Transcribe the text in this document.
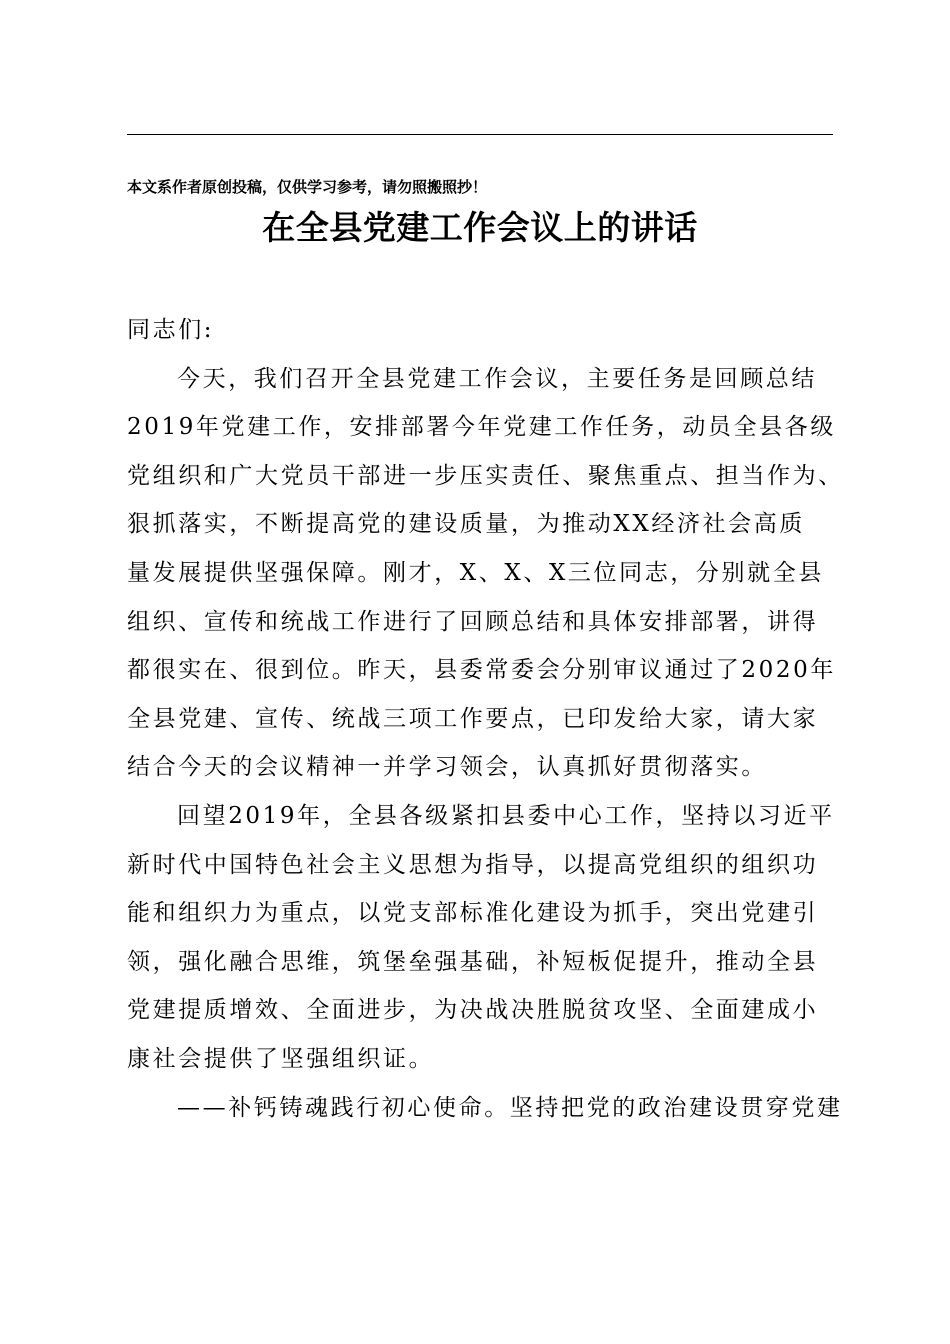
本文系作者原创投稿，仅供学习参考，请勿照搬照抄！
在全县党建工作会议上的讲话
同志们:
今天，我们召开全县党建工作会议，主要任务是回顾总结
2019年党建工作，安排部署今年党建工作任务，动员全县各级
党组织和广大党员干部进一步压实责任、聚焦重点、担当作为、
狠抓落实，不断提高党的建设质量，为推动XX经济社会高质
量发展提供坚强保障。刚才，X、X、X三位同志，分别就全县
组织、宣传和统战工作进行了回顾总结和具体安排部署，讲得
都很实在、很到位。昨天，县委常委会分别审议通过了2020年
全县党建、宣传、统战三项工作要点，已印发给大家，请大家
结合今天的会议精神一并学习领会，认真抓好贯彻落实。
回望2019年，全县各级紧扣县委中心工作，坚持以习近平
新时代中国特色社会主义思想为指导，以提高党组织的组织功
能和组织力为重点，以党支部标准化建设为抓手，突出党建引
领，强化融合思维，筑堡垒强基础，补短板促提升，推动全县
党建提质增效、全面进步，为决战决胜脱贫攻坚、全面建成小
康社会提供了坚强组织证。
——补钙铸魂践行初心使命。坚持把党的政治建设贯穿党建
